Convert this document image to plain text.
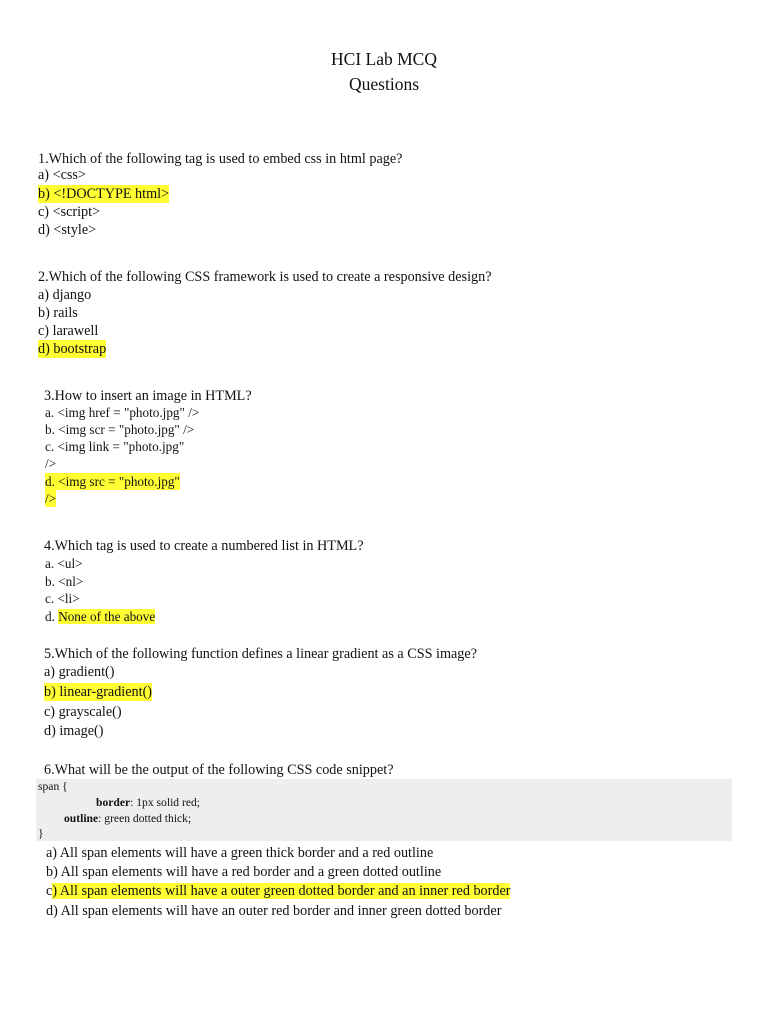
HCI Lab MCQ
Questions
1.Which of the following tag is used to embed css in html page?
a) <css>
b) <!DOCTYPE html>
c) <script>
d) <style>
2.Which of the following CSS framework is used to create a responsive design?
a) django
b) rails
c) larawell
d) bootstrap
3.How to insert an image in HTML?
a. <img href = "photo.jpg" />
b. <img scr = "photo.jpg" />
c. <img link = "photo.jpg"
/>
d. <img src = "photo.jpg"
/>
4.Which tag is used to create a numbered list in HTML?
a. <ul>
b. <nl>
c. <li>
d. None of the above
5.Which of the following function defines a linear gradient as a CSS image?
a) gradient()
b) linear-gradient()
c) grayscale()
d) image()
6.What will be the output of the following CSS code snippet?
span {
border: 1px solid red;
outline: green dotted thick;
}
a) All span elements will have a green thick border and a red outline
b) All span elements will have a red border and a green dotted outline
c) All span elements will have a outer green dotted border and an inner red border
d) All span elements will have an outer red border and inner green dotted border
